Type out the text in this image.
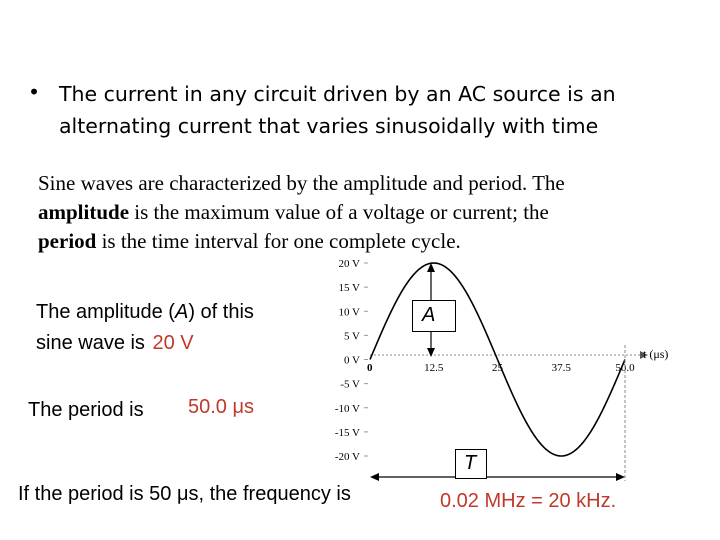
• The current in any circuit driven by an AC source is an
alternating current that varies sinusoidally with time
Sine waves are characterized by the amplitude and period. The
amplitude is the maximum value of a voltage or current; the
period is the time interval for one complete cycle.
20 V
15 V
10 V
5 V
0 V
-5 V
-10 V
-15 V
-20 V
0	12.5	25	37.5	50.0
t (μs)
A
T
The amplitude (A) of this
sine wave is 20 V
The period is 50.0 μs
If the period is 50 μs, the frequency is	0.02 MHz = 20 kHz.
